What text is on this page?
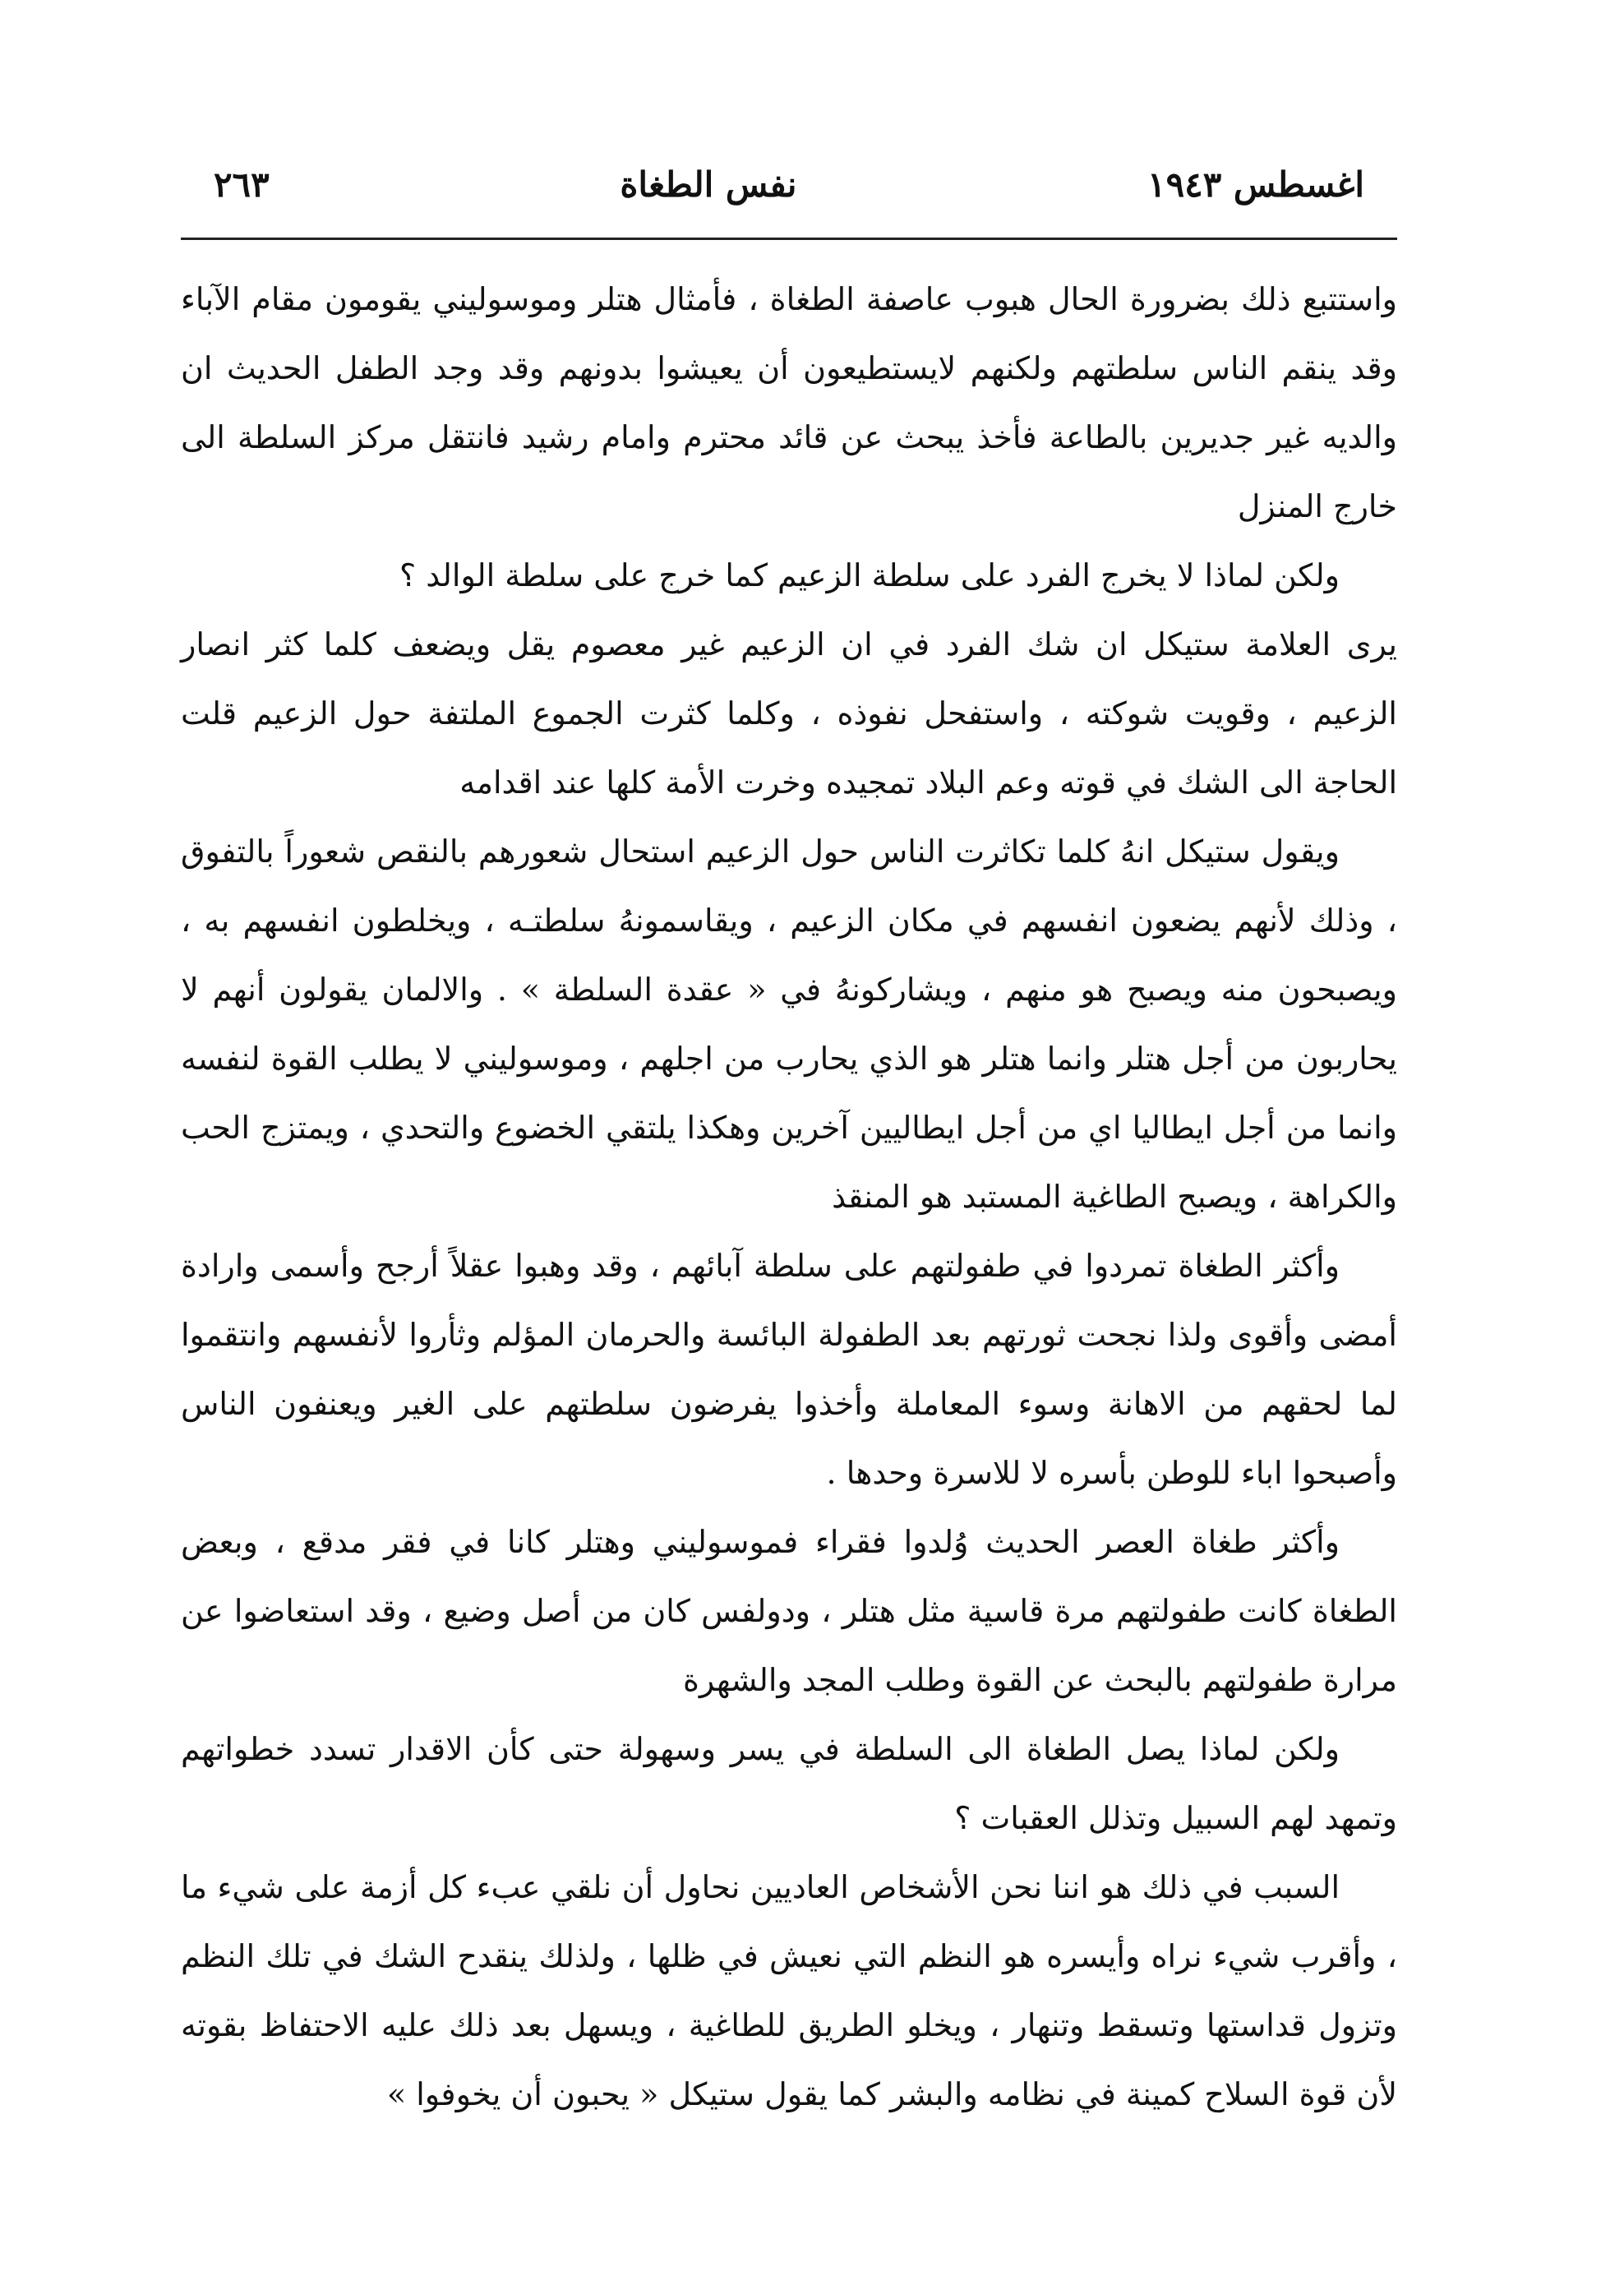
اغسطس ١٩٤٣
نفس الطغاة
٢٦٣

واستتبع ذلك بضرورة الحال هبوب عاصفة الطغاة ، فأمثال هتلر وموسوليني يقومون مقام الآباء وقد ينقم الناس سلطتهم ولكنهم لايستطيعون أن يعيشوا بدونهم وقد وجد الطفل الحديث ان والديه غير جديرين بالطاعة فأخذ يبحث عن قائد محترم وامام رشيد فانتقل مركز السلطة الى خارج المنزل

ولكن لماذا لا يخرج الفرد على سلطة الزعيم كما خرج على سلطة الوالد ؟

يرى العلامة ستيكل ان شك الفرد في ان الزعيم غير معصوم يقل ويضعف كلما كثر انصار الزعيم ، وقويت شوكته ، واستفحل نفوذه ، وكلما كثرت الجموع الملتفة حول الزعيم قلت الحاجة الى الشك في قوته وعم البلاد تمجيده وخرت الأمة كلها عند اقدامه

ويقول ستيكل انهُ كلما تكاثرت الناس حول الزعيم استحال شعورهم بالنقص شعوراً بالتفوق ، وذلك لأنهم يضعون انفسهم في مكان الزعيم ، ويقاسمونهُ سلطتـه ، ويخلطون انفسهم به ، ويصبحون منه ويصبح هو منهم ، ويشاركونهُ في « عقدة السلطة » . والالمان يقولون أنهم لا يحاربون من أجل هتلر وانما هتلر هو الذي يحارب من اجلهم ، وموسوليني لا يطلب القوة لنفسه وانما من أجل ايطاليا اي من أجل ايطاليين آخرين وهكذا يلتقي الخضوع والتحدي ، ويمتزج الحب والكراهة ، ويصبح الطاغية المستبد هو المنقذ

وأكثر الطغاة تمردوا في طفولتهم على سلطة آبائهم ، وقد وهبوا عقلاً أرجح وأسمى وارادة أمضى وأقوى ولذا نجحت ثورتهم بعد الطفولة البائسة والحرمان المؤلم وثأروا لأنفسهم وانتقموا لما لحقهم من الاهانة وسوء المعاملة وأخذوا يفرضون سلطتهم على الغير ويعنفون الناس وأصبحوا اباء للوطن بأسره لا للاسرة وحدها .

وأكثر طغاة العصر الحديث وُلدوا فقراء فموسوليني وهتلر كانا في فقر مدقع ، وبعض الطغاة كانت طفولتهم مرة قاسية مثل هتلر ، ودولفس كان من أصل وضيع ، وقد استعاضوا عن مرارة طفولتهم بالبحث عن القوة وطلب المجد والشهرة

ولكن لماذا يصل الطغاة الى السلطة في يسر وسهولة حتى كأن الاقدار تسدد خطواتهم وتمهد لهم السبيل وتذلل العقبات ؟

السبب في ذلك هو اننا نحن الأشخاص العاديين نحاول أن نلقي عبء كل أزمة على شيء ما ، وأقرب شيء نراه وأيسره هو النظم التي نعيش في ظلها ، ولذلك ينقدح الشك في تلك النظم وتزول قداستها وتسقط وتنهار ، ويخلو الطريق للطاغية ، ويسهل بعد ذلك عليه الاحتفاظ بقوته لأن قوة السلاح كمينة في نظامه والبشر كما يقول ستيكل « يحبون أن يخوفوا »
